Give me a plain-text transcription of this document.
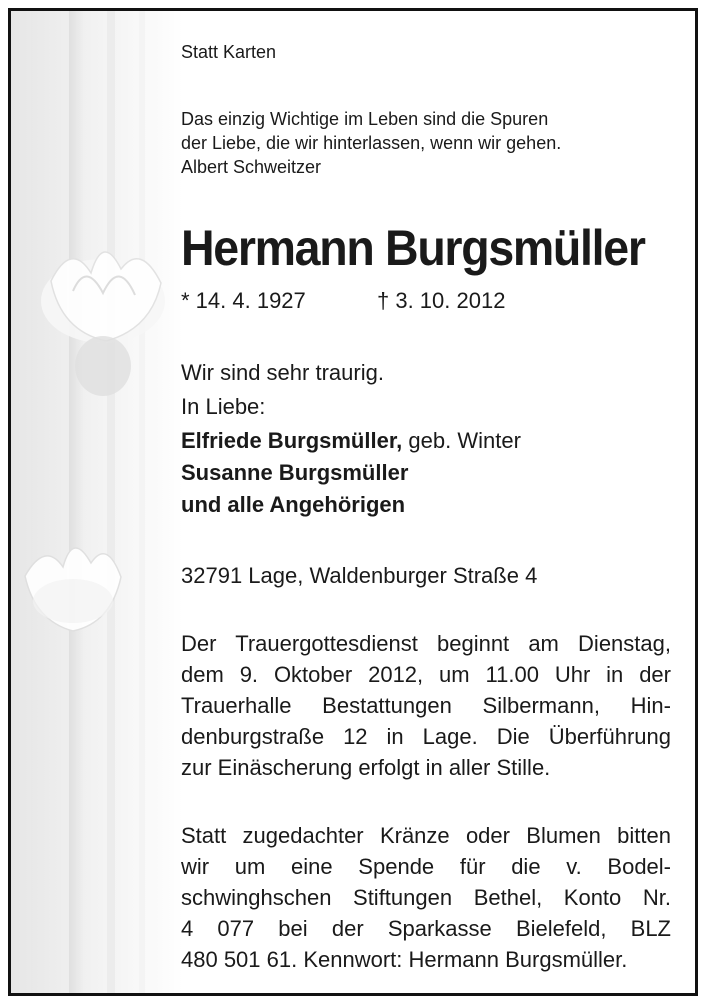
Statt Karten
Das einzig Wichtige im Leben sind die Spuren
der Liebe, die wir hinterlassen, wenn wir gehen.
Albert Schweitzer
Hermann Burgsmüller
* 14. 4. 1927	† 3. 10. 2012
Wir sind sehr traurig.
In Liebe:
Elfriede Burgsmüller, geb. Winter
Susanne Burgsmüller
und alle Angehörigen
32791 Lage, Waldenburger Straße 4
Der Trauergottesdienst beginnt am Dienstag,
dem 9. Oktober 2012, um 11.00 Uhr in der
Trauerhalle Bestattungen Silbermann, Hin-
denburgstraße 12 in Lage. Die Überführung
zur Einäscherung erfolgt in aller Stille.
Statt zugedachter Kränze oder Blumen bitten
wir um eine Spende für die v. Bodel-
schwinghschen Stiftungen Bethel, Konto Nr.
4 077 bei der Sparkasse Bielefeld, BLZ
480 501 61. Kennwort: Hermann Burgsmüller.
